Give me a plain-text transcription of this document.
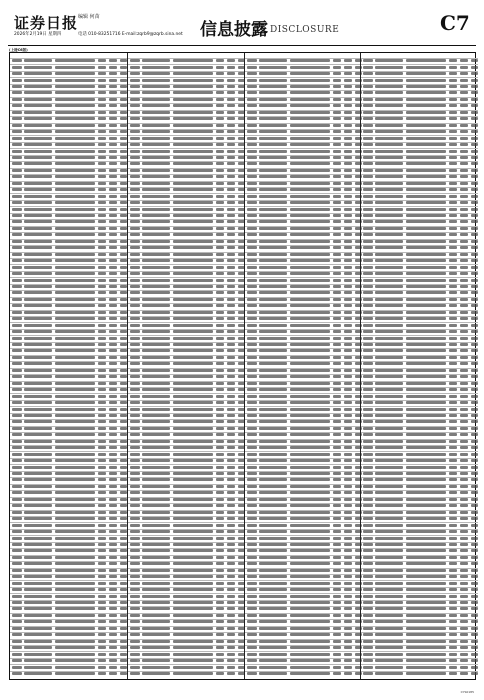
证券日报 编辑 何苗
2026年2月19日 星期四	电话 010-83251716 E-mail:zqrb9@zqrb.sina.net 信息披露 DISCLOSURE	C7
(上接C6版)
CYS0185
